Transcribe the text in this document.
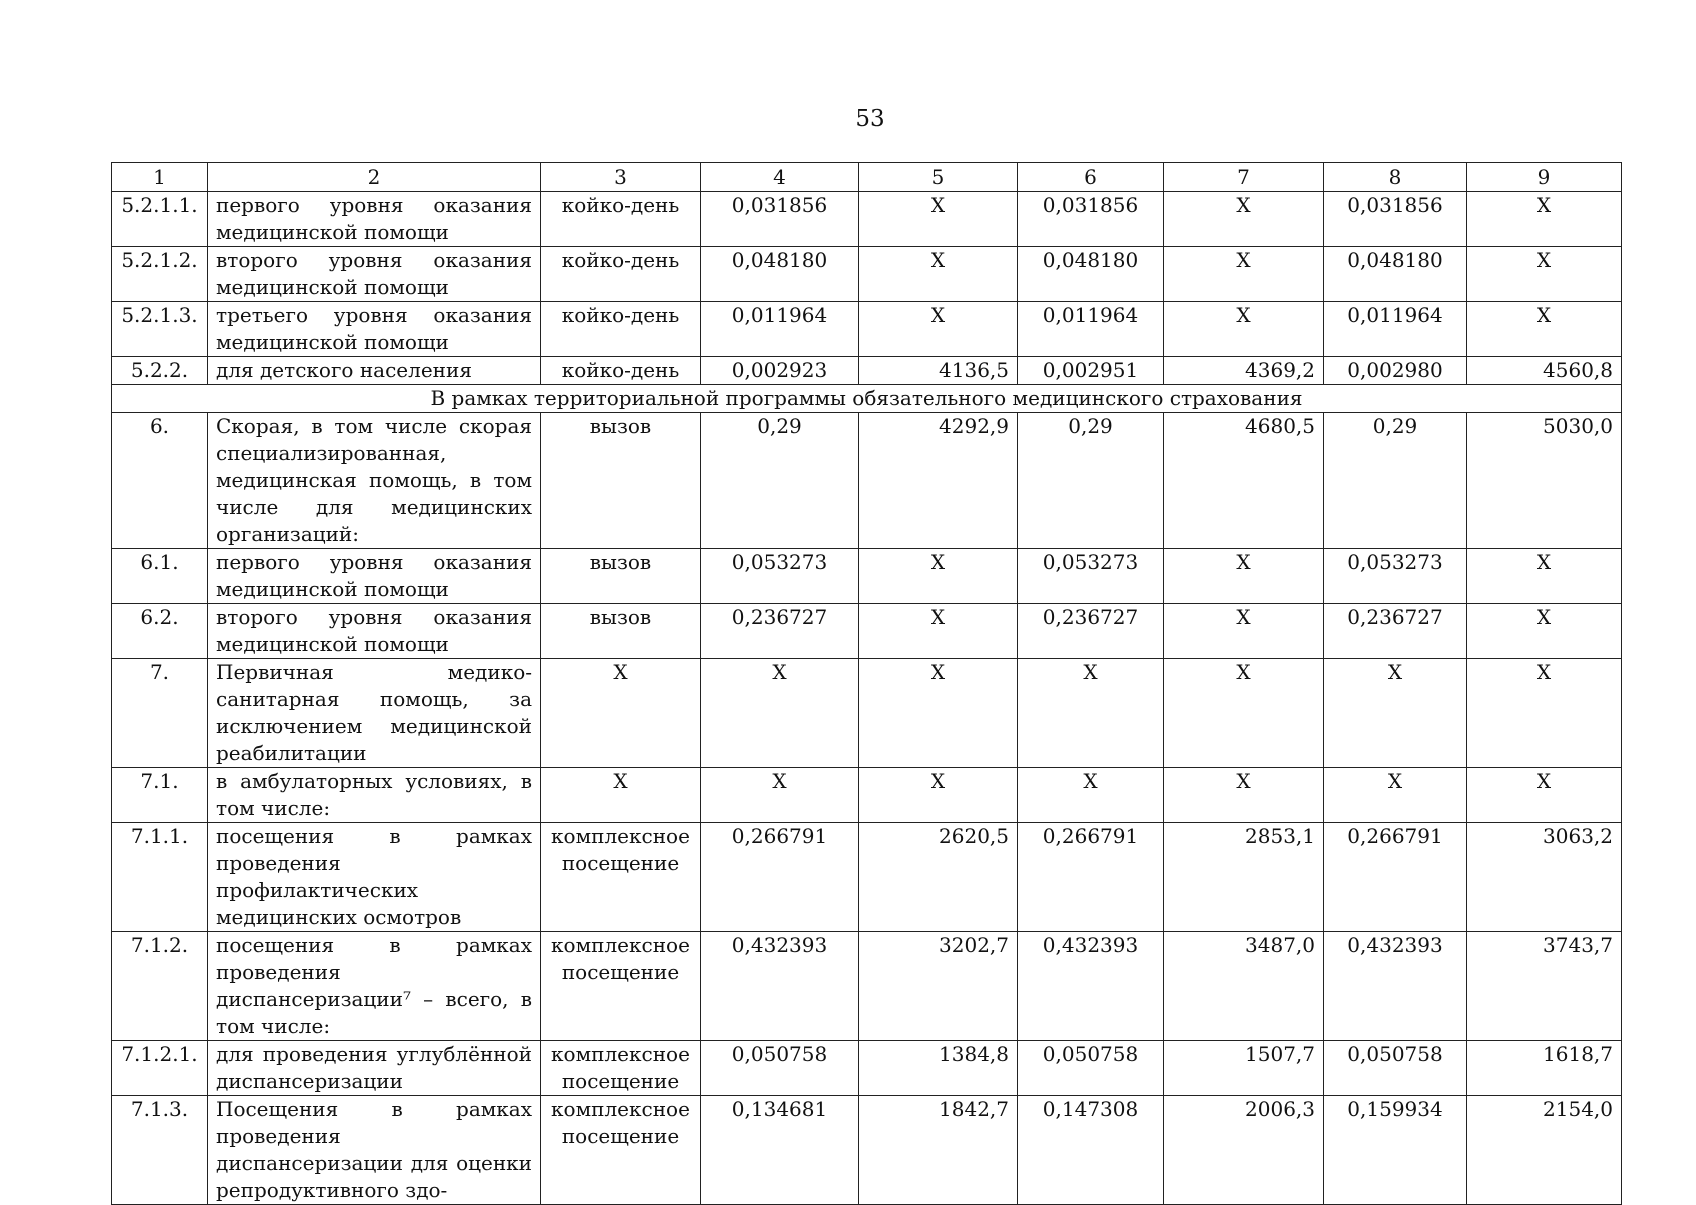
53
1	2	3	4	5	6	7	8	9
5.2.1.1.	первого уровня оказания медицинской помощи	койко-день	0,031856	X	0,031856	X	0,031856	X
5.2.1.2.	второго уровня оказания медицинской помощи	койко-день	0,048180	X	0,048180	X	0,048180	X
5.2.1.3.	третьего уровня оказания медицинской помощи	койко-день	0,011964	X	0,011964	X	0,011964	X
5.2.2.	для детского населения	койко-день	0,002923	4136,5	0,002951	4369,2	0,002980	4560,8
В рамках территориальной программы обязательного медицинского страхования								
6.	Скорая, в том числе скорая специализированная, медицинская помощь, в том числе для медицинских организаций:	вызов	0,29	4292,9	0,29	4680,5	0,29	5030,0
6.1.	первого уровня оказания медицинской помощи	вызов	0,053273	X	0,053273	X	0,053273	X
6.2.	второго уровня оказания медицинской помощи	вызов	0,236727	X	0,236727	X	0,236727	X
7.	Первичная медико-санитарная помощь, за исключением медицинской реабилитации	X	X	X	X	X	X	X
7.1.	в амбулаторных условиях, в том числе:	X	X	X	X	X	X	X
7.1.1.	посещения в рамках проведения профилактических медицинских осмотров	комплексное посещение	0,266791	2620,5	0,266791	2853,1	0,266791	3063,2
7.1.2.	посещения в рамках проведения диспансеризации⁷ – всего, в том числе:	комплексное посещение	0,432393	3202,7	0,432393	3487,0	0,432393	3743,7
7.1.2.1.	для проведения углублённой диспансеризации	комплексное посещение	0,050758	1384,8	0,050758	1507,7	0,050758	1618,7
7.1.3.	Посещения в рамках проведения диспансеризации для оценки репродуктивного здо-	комплексное посещение	0,134681	1842,7	0,147308	2006,3	0,159934	2154,0
